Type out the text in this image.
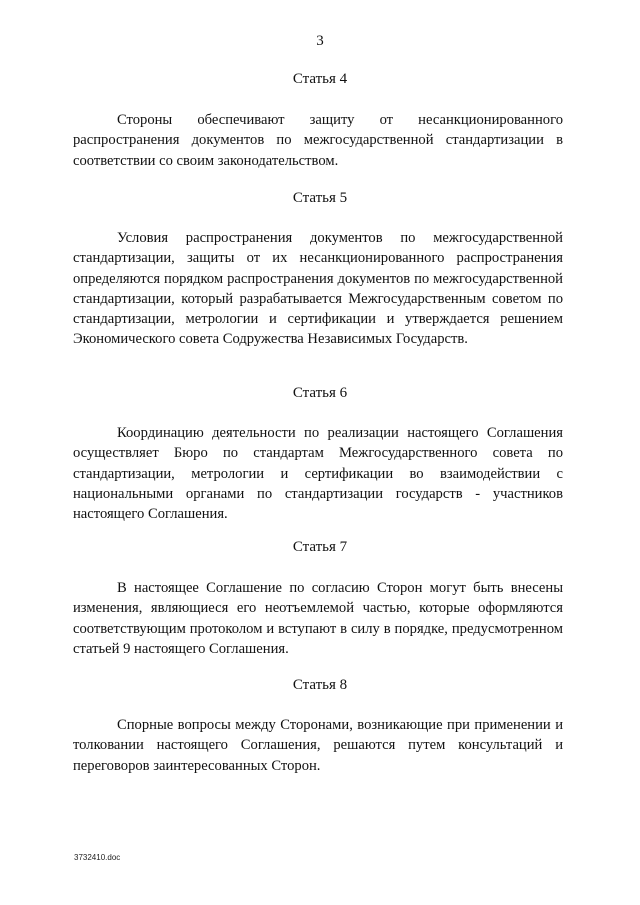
3
Статья 4

Стороны обеспечивают защиту от несанкционированного распространения документов по межгосударственной стандартизации в соответствии со своим законодательством.

Статья 5

Условия распространения документов по межгосударственной стандартизации, защиты от их несанкционированного распространения определяются порядком распространения документов по межгосударственной стандартизации, который разрабатывается Межгосударственным советом по стандартизации, метрологии и сертификации и утверждается решением Экономического совета Содружества Независимых Государств.

Статья 6

Координацию деятельности по реализации настоящего Соглашения осуществляет Бюро по стандартам Межгосударственного совета по стандартизации, метрологии и сертификации во взаимодействии с национальными органами по стандартизации государств - участников настоящего Соглашения.

Статья 7

В настоящее Соглашение по согласию Сторон могут быть внесены изменения, являющиеся его неотъемлемой частью, которые оформляются соответствующим протоколом и вступают в силу в порядке, предусмотренном статьей 9 настоящего Соглашения.

Статья 8

Спорные вопросы между Сторонами, возникающие при применении и толковании настоящего Соглашения, решаются путем консультаций и переговоров заинтересованных Сторон.

3732410.doc
